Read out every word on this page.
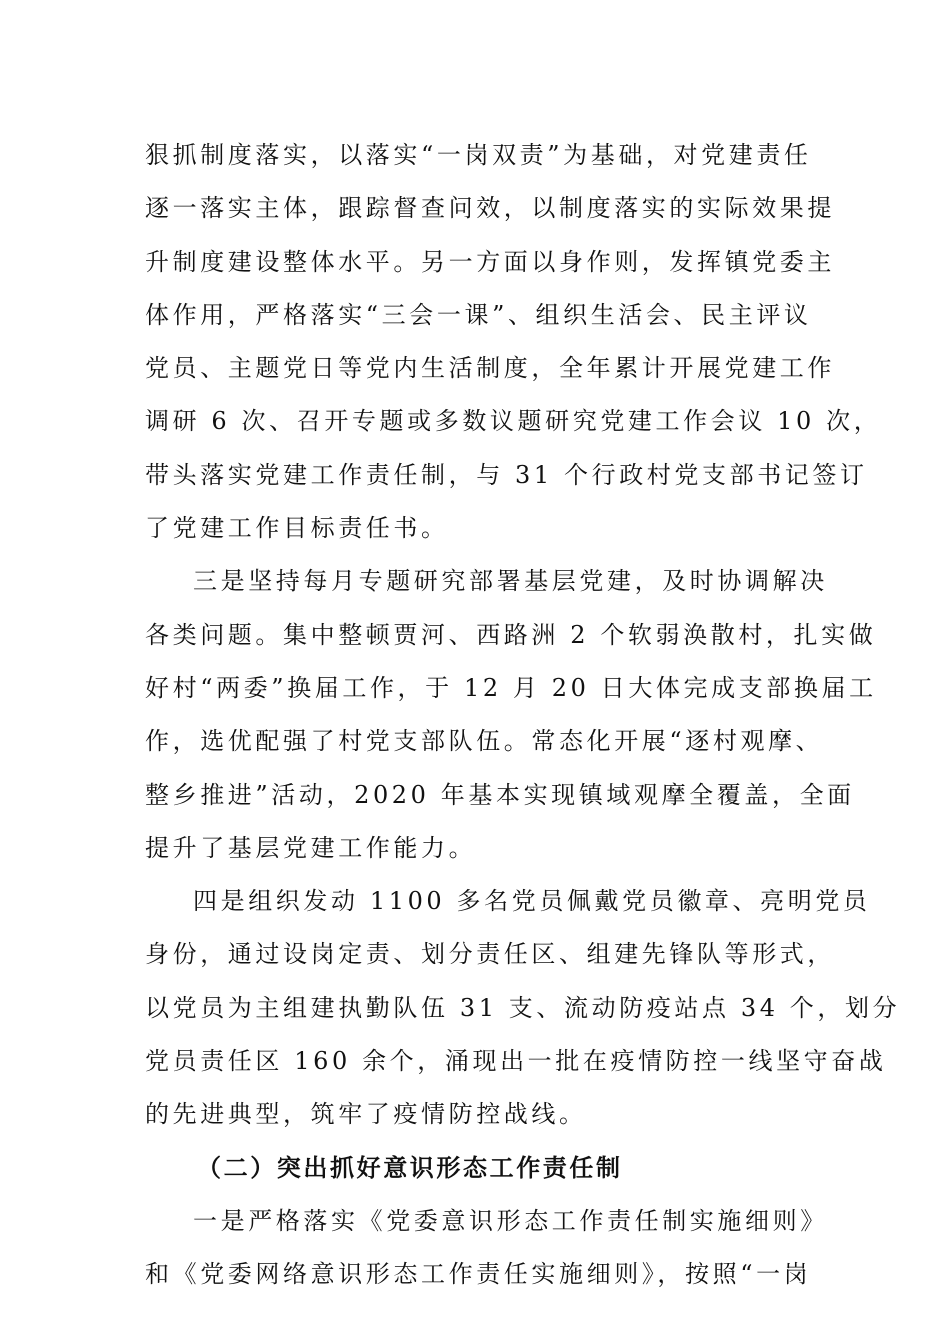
狠抓制度落实，以落实“一岗双责”为基础，对党建责任
逐一落实主体，跟踪督查问效，以制度落实的实际效果提
升制度建设整体水平。另一方面以身作则，发挥镇党委主
体作用，严格落实“三会一课”、组织生活会、民主评议
党员、主题党日等党内生活制度，全年累计开展党建工作
调研 6 次、召开专题或多数议题研究党建工作会议 10 次，
带头落实党建工作责任制，与 31 个行政村党支部书记签订
了党建工作目标责任书。
三是坚持每月专题研究部署基层党建，及时协调解决
各类问题。集中整顿贾河、西路洲 2 个软弱涣散村，扎实做
好村“两委”换届工作，于 12 月 20 日大体完成支部换届工
作，选优配强了村党支部队伍。常态化开展“逐村观摩、
整乡推进”活动，2020 年基本实现镇域观摩全覆盖，全面
提升了基层党建工作能力。
四是组织发动 1100 多名党员佩戴党员徽章、亮明党员
身份，通过设岗定责、划分责任区、组建先锋队等形式，
以党员为主组建执勤队伍 31 支、流动防疫站点 34 个，划分
党员责任区 160 余个，涌现出一批在疫情防控一线坚守奋战
的先进典型，筑牢了疫情防控战线。
（二）突出抓好意识形态工作责任制
一是严格落实《党委意识形态工作责任制实施细则》
和《党委网络意识形态工作责任实施细则》，按照“一岗
